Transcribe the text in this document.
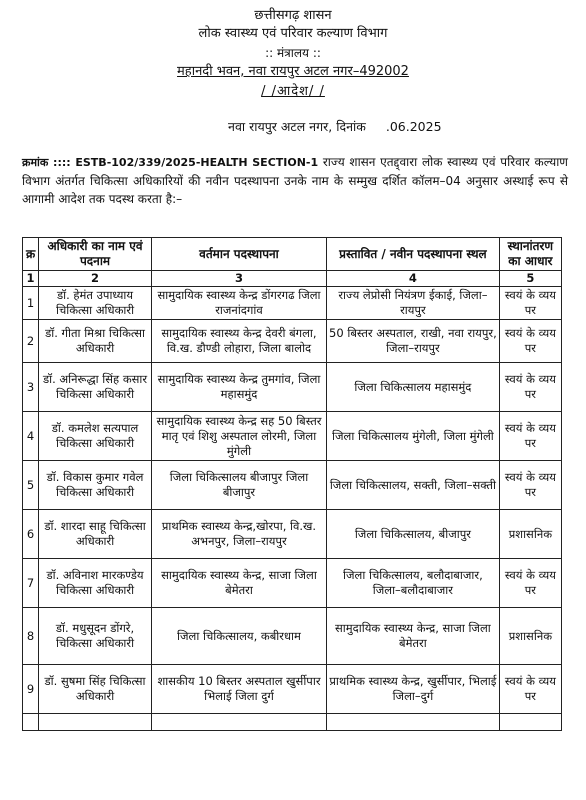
छत्तीसगढ़ शासन
लोक स्वास्थ्य एवं परिवार कल्याण विभाग
:: मंत्रालय ::
महानदी भवन, नवा रायपुर अटल नगर–492002
/ /आदेश/ /
नवा रायपुर अटल नगर, दिनांक .06.2025
क्रमांक :::: ESTB-102/339/2025-HEALTH SECTION-1 राज्य शासन एतद्द्वारा लोक स्वास्थ्य एवं परिवार कल्याण विभाग अंतर्गत चिकित्सा अधिकारियों की नवीन पदस्थापना उनके नाम के सम्मुख दर्शित कॉलम–04 अनुसार अस्थाई रूप से आगामी आदेश तक पदस्थ करता है:–
क्र	अधिकारी का नाम एवं पदनाम	वर्तमान पदस्थापना	प्रस्तावित / नवीन पदस्थापना स्थल	स्थानांतरण का आधार
1	2	3	4	5
1	डॉ. हेमंत उपाध्याय चिकित्सा अधिकारी	सामुदायिक स्वास्थ्य केन्द्र डोंगरगढ जिला राजनांदगांव	राज्य लेप्रोसी नियंत्रण ईकाई, जिला–रायपुर	स्वयं के व्यय पर
2	डॉ. गीता मिश्रा चिकित्सा अधिकारी	सामुदायिक स्वास्थ्य केन्द्र देवरी बंगला, वि.ख. डौण्डी लोहारा, जिला बालोद	50 बिस्तर अस्पताल, राखी, नवा रायपुर, जिला–रायपुर	स्वयं के व्यय पर
3	डॉ. अनिरूद्धा सिंह कसार चिकित्सा अधिकारी	सामुदायिक स्वास्थ्य केन्द्र तुमगांव, जिला महासमुंद	जिला चिकित्सालय महासमुंद	स्वयं के व्यय पर
4	डॉ. कमलेश सत्यपाल चिकित्सा अधिकारी	सामुदायिक स्वास्थ्य केन्द्र सह 50 बिस्तर मातृ एवं शिशु अस्पताल लोरमी, जिला मुंगेली	जिला चिकित्सालय मुंगेली, जिला मुंगेली	स्वयं के व्यय पर
5	डॉ. विकास कुमार गवेल चिकित्सा अधिकारी	जिला चिकित्सालय बीजापुर जिला बीजापुर	जिला चिकित्सालय, सक्ती, जिला–सक्ती	स्वयं के व्यय पर
6	डॉ. शारदा साहू चिकित्सा अधिकारी	प्राथमिक स्वास्थ्य केन्द्र,खोरपा, वि.ख. अभनपुर, जिला–रायपुर	जिला चिकित्सालय, बीजापुर	प्रशासनिक
7	डॉ. अविनाश मारकण्डेय चिकित्सा अधिकारी	सामुदायिक स्वास्थ्य केन्द्र, साजा जिला बेमेतरा	जिला चिकित्सालय, बलौदाबाजार, जिला–बलौदाबाजार	स्वयं के व्यय पर
8	डॉ. मधुसूदन डोंगरे, चिकित्सा अधिकारी	जिला चिकित्सालय, कबीरधाम	सामुदायिक स्वास्थ्य केन्द्र, साजा जिला बेमेतरा	प्रशासनिक
9	डॉ. सुषमा सिंह चिकित्सा अधिकारी	शासकीय 10 बिस्तर अस्पताल खुर्सीपार भिलाई जिला दुर्ग	प्राथमिक स्वास्थ्य केन्द्र, खुर्सीपार, भिलाई जिला–दुर्ग	स्वयं के व्यय पर
